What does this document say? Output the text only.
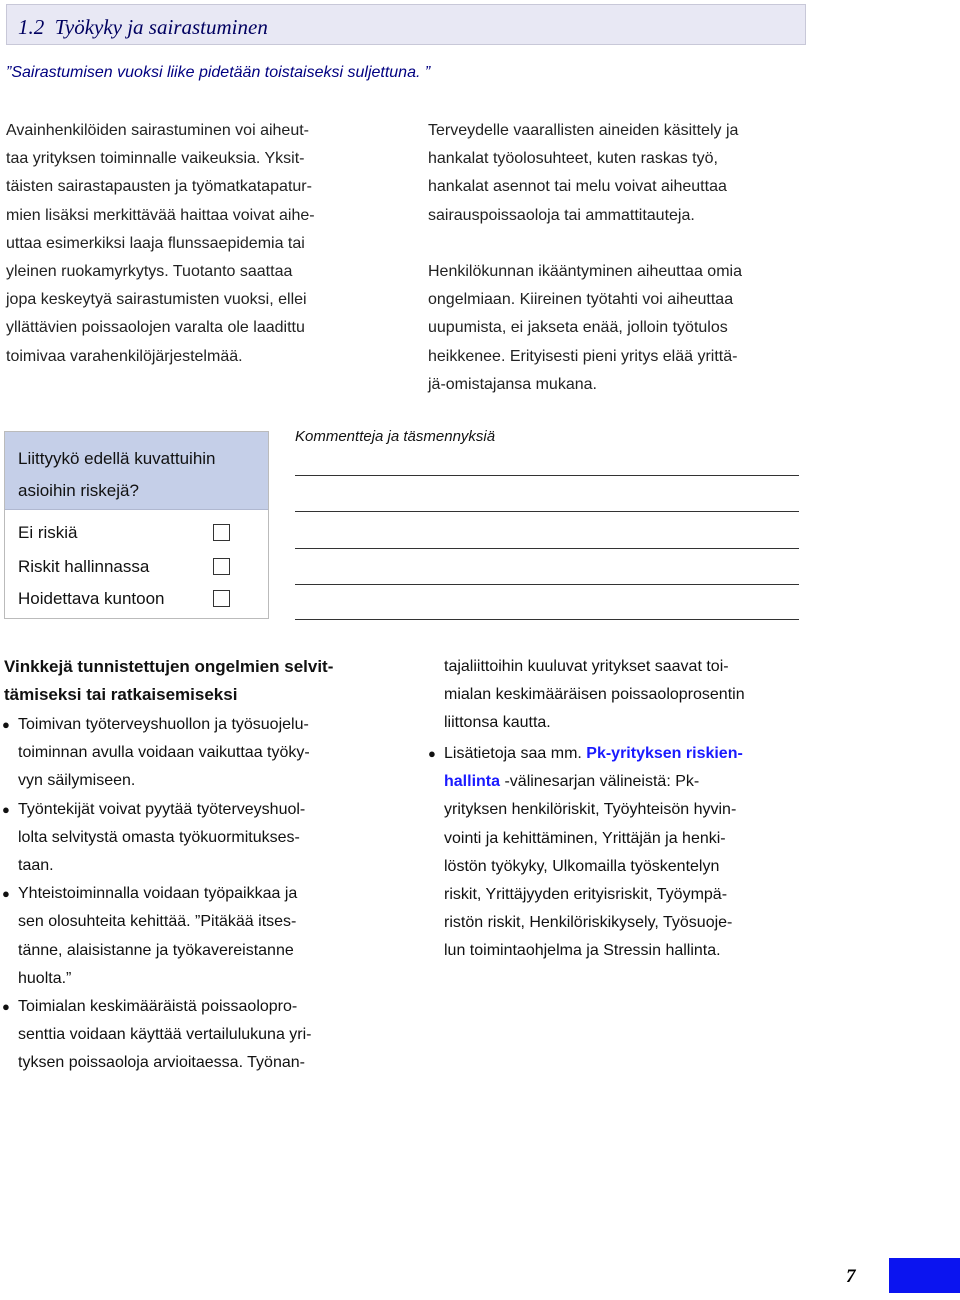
1.2 Työkyky ja sairastuminen
”Sairastumisen vuoksi liike pidetään toistaiseksi suljettuna. ”

Avainhenkilöiden sairastuminen voi aiheut-
taa yrityksen toiminnalle vaikeuksia. Yksit-
täisten sairastapausten ja työmatkatapatur-
mien lisäksi merkittävää haittaa voivat aihe-
uttaa esimerkiksi laaja flunssaepidemia tai
yleinen ruokamyrkytys. Tuotanto saattaa
jopa keskeytyä sairastumisten vuoksi, ellei
yllättävien poissaolojen varalta ole laadittu
toimivaa varahenkilöjärjestelmää.

Terveydelle vaarallisten aineiden käsittely ja
hankalat työolosuhteet, kuten raskas työ,
hankalat asennot tai melu voivat aiheuttaa
sairauspoissaoloja tai ammattitauteja.

Henkilökunnan ikääntyminen aiheuttaa omia
ongelmiaan. Kiireinen työtahti voi aiheuttaa
uupumista, ei jakseta enää, jolloin työtulos
heikkenee. Erityisesti pieni yritys elää yrittä-
jä-omistajansa mukana.

Liittyykö edellä kuvattuihin
asioihin riskejä?
Ei riskiä
Riskit hallinnassa
Hoidettava kuntoon
Kommentteja ja täsmennyksiä
Vinkkejä tunnistettujen ongelmien selvit-
tämiseksi tai ratkaisemiseksi
● Toimivan työterveyshuollon ja työsuojelu-
toiminnan avulla voidaan vaikuttaa työky-
vyn säilymiseen.
● Työntekijät voivat pyytää työterveyshuol-
lolta selvitystä omasta työkuormitukses-
taan.
● Yhteistoiminnalla voidaan työpaikkaa ja
sen olosuhteita kehittää. ”Pitäkää itses-
tänne, alaisistanne ja työkavereistanne
huolta.”
● Toimialan keskimääräistä poissaolopro-
senttia voidaan käyttää vertailulukuna yri-
tyksen poissaoloja arvioitaessa. Työnan-
tajaliittoihin kuuluvat yritykset saavat toi-
mialan keskimääräisen poissaoloprosentin
liittonsa kautta.
● Lisätietoja saa mm. Pk-yrityksen riskien-
hallinta -välinesarjan välineistä: Pk-
yrityksen henkilöriskit, Työyhteisön hyvin-
vointi ja kehittäminen, Yrittäjän ja henki-
löstön työkyky, Ulkomailla työskentelyn
riskit, Yrittäjyyden erityisriskit, Työympä-
ristön riskit, Henkilöriskikysely, Työsuoje-
lun toimintaohjelma ja Stressin hallinta.
7
